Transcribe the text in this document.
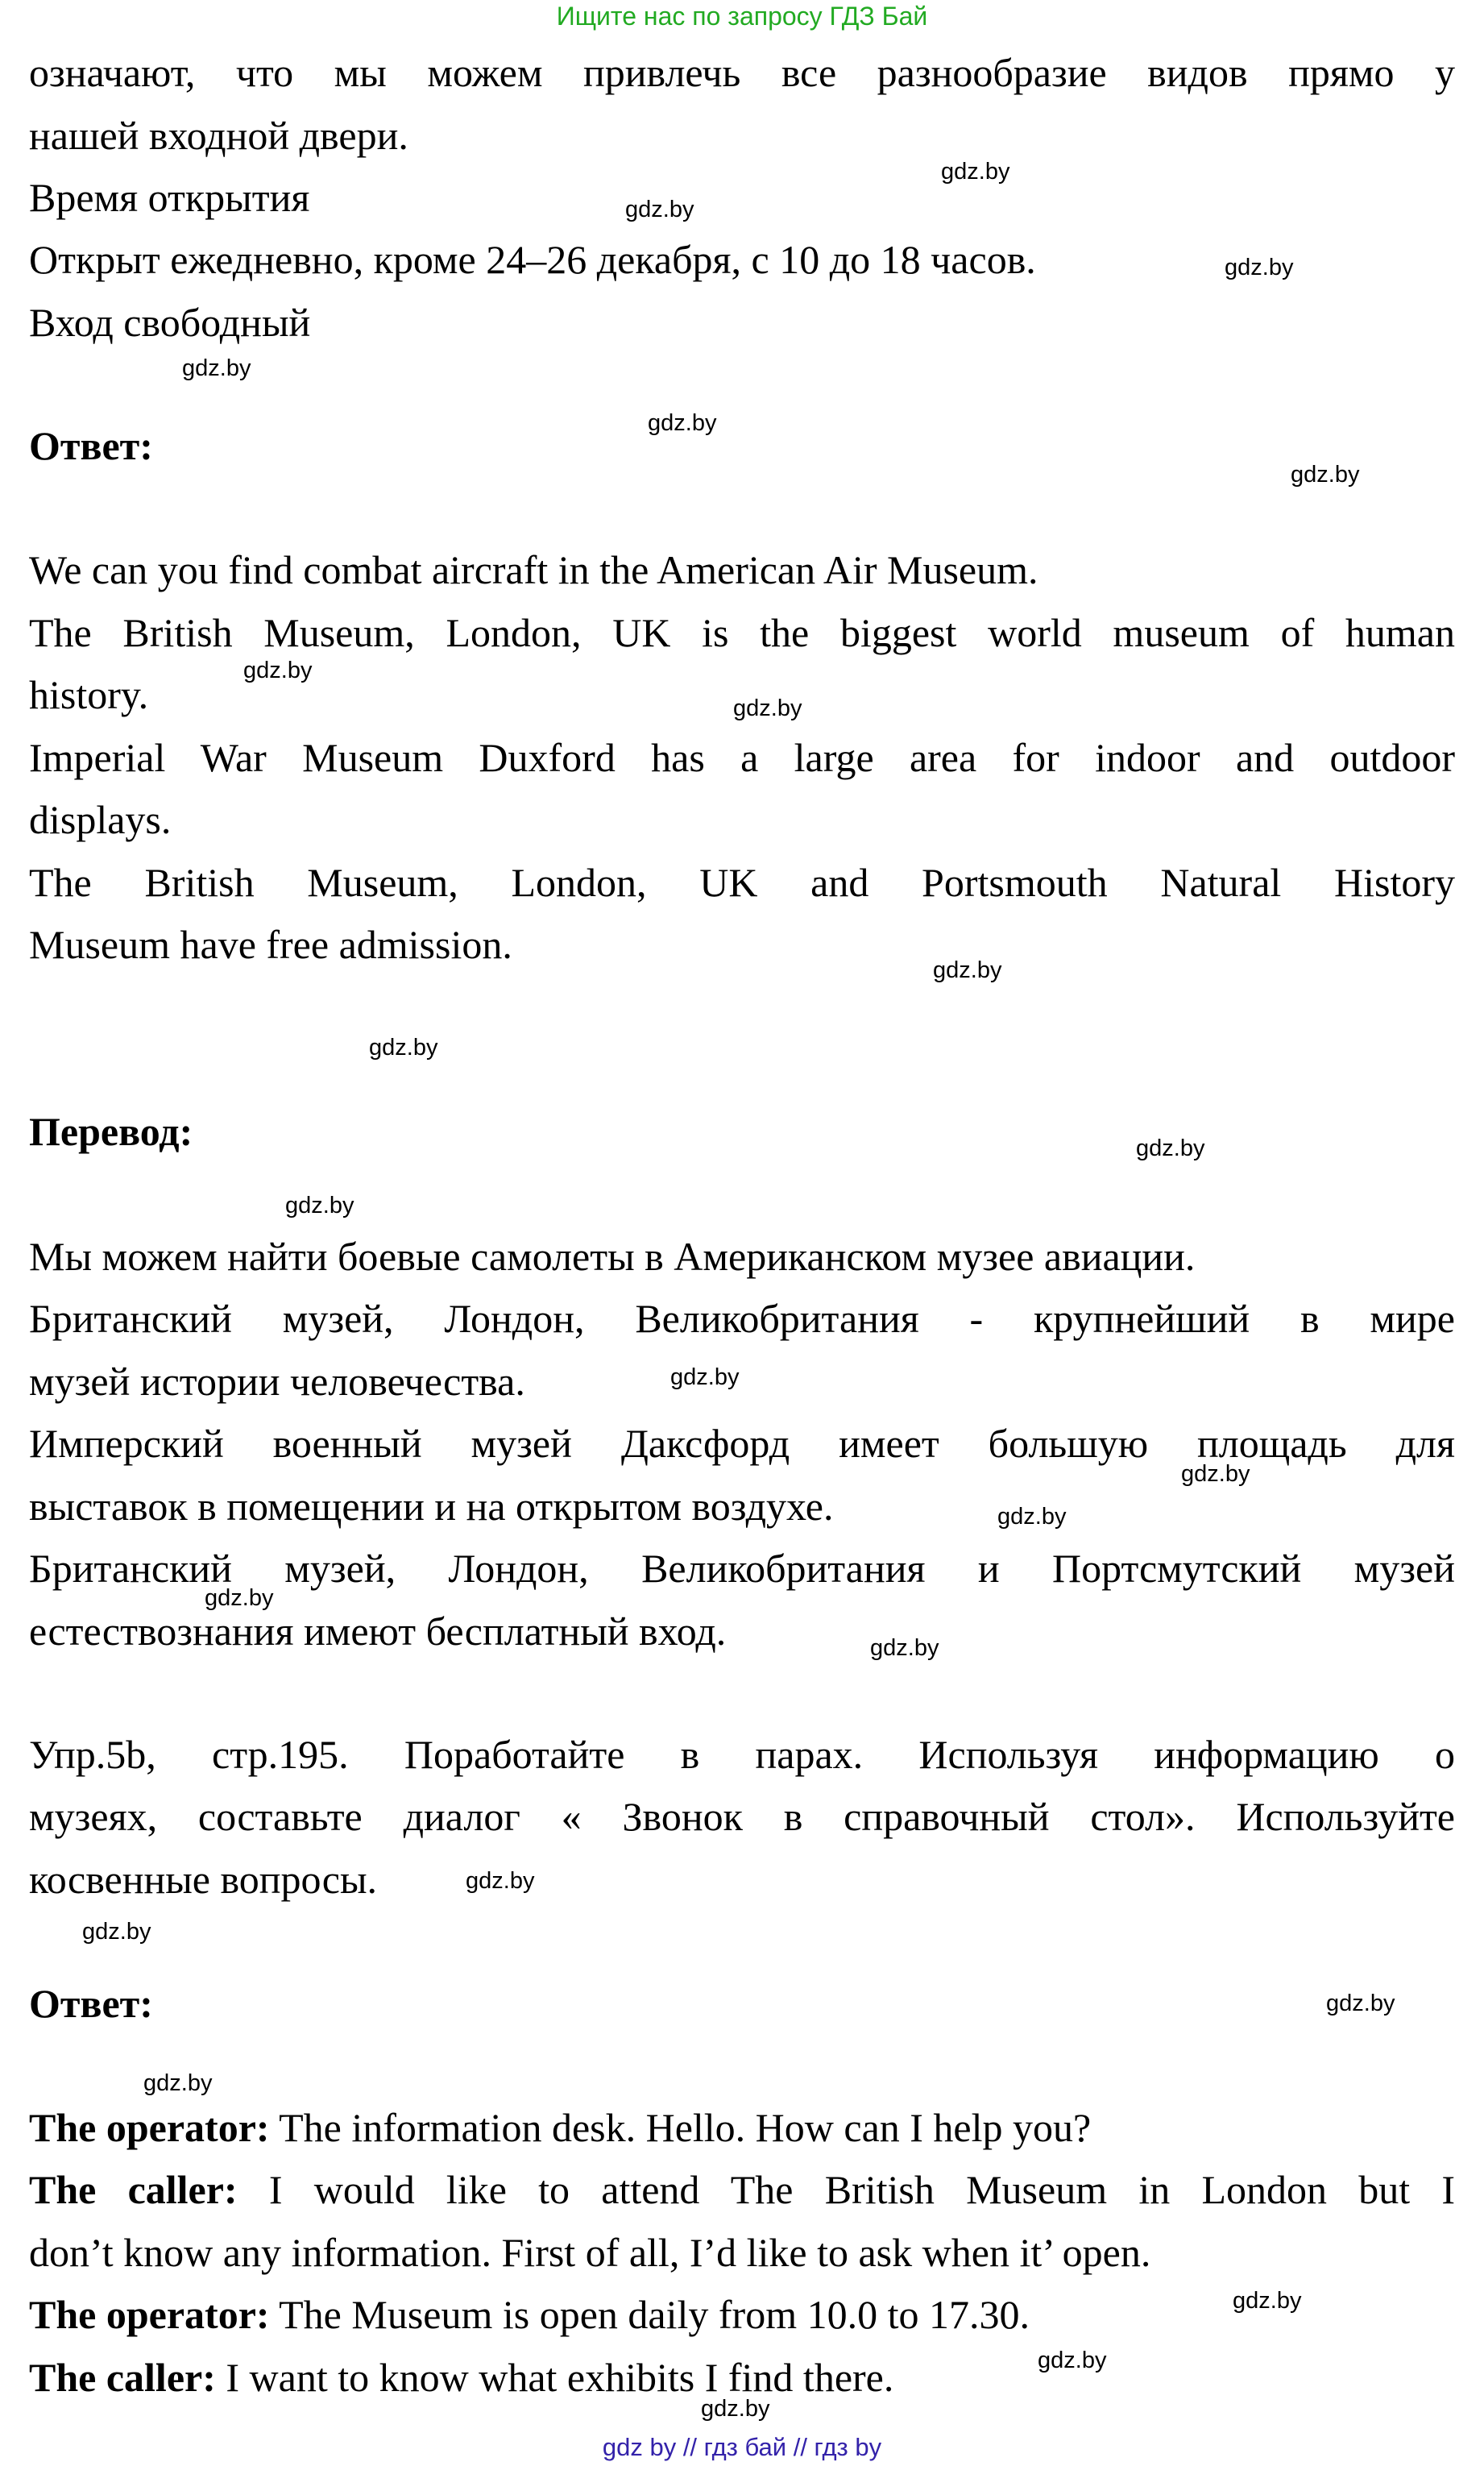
Ищите нас по запросу ГДЗ Бай
означают, что мы можем привлечь все разнообразие видов прямо у
нашей входной двери.
Время открытия
Открыт ежедневно, кроме 24–26 декабря, с 10 до 18 часов.
Вход свободный
Ответ:
We can you find combat aircraft in the American Air Museum.
The British Museum, London, UK is the biggest world museum of human
history.
Imperial War Museum Duxford has a large area for indoor and outdoor
displays.
The British Museum, London, UK and Portsmouth Natural History
Museum have free admission.
Перевод:
Мы можем найти боевые самолеты в Американском музее авиации.
Британский музей, Лондон, Великобритания - крупнейший в мире
музей истории человечества.
Имперский военный музей Даксфорд имеет большую площадь для
выставок в помещении и на открытом воздухе.
Британский музей, Лондон, Великобритания и Портсмутский музей
естествознания имеют бесплатный вход.
Упр.5b, стр.195. Поработайте в парах. Используя информацию о
музеях, составьте диалог « Звонок в справочный стол». Используйте
косвенные вопросы.
Ответ:
The operator: The information desk. Hello. How can I help you?
The caller: I would like to attend The British Museum in London but I
don’t know any information. First of all, I’d like to ask when it’ open.
The operator: The Museum is open daily from 10.0 to 17.30.
The caller: I want to know what exhibits I find there.
gdz.by
gdz.by
gdz.by
gdz.by
gdz.by
gdz.by
gdz.by
gdz.by
gdz.by
gdz.by
gdz.by
gdz.by
gdz.by
gdz.by
gdz.by
gdz.by
gdz.by
gdz.by
gdz.by
gdz.by
gdz.by
gdz.by
gdz.by
gdz.by
gdz by // гдз бай // гдз by
